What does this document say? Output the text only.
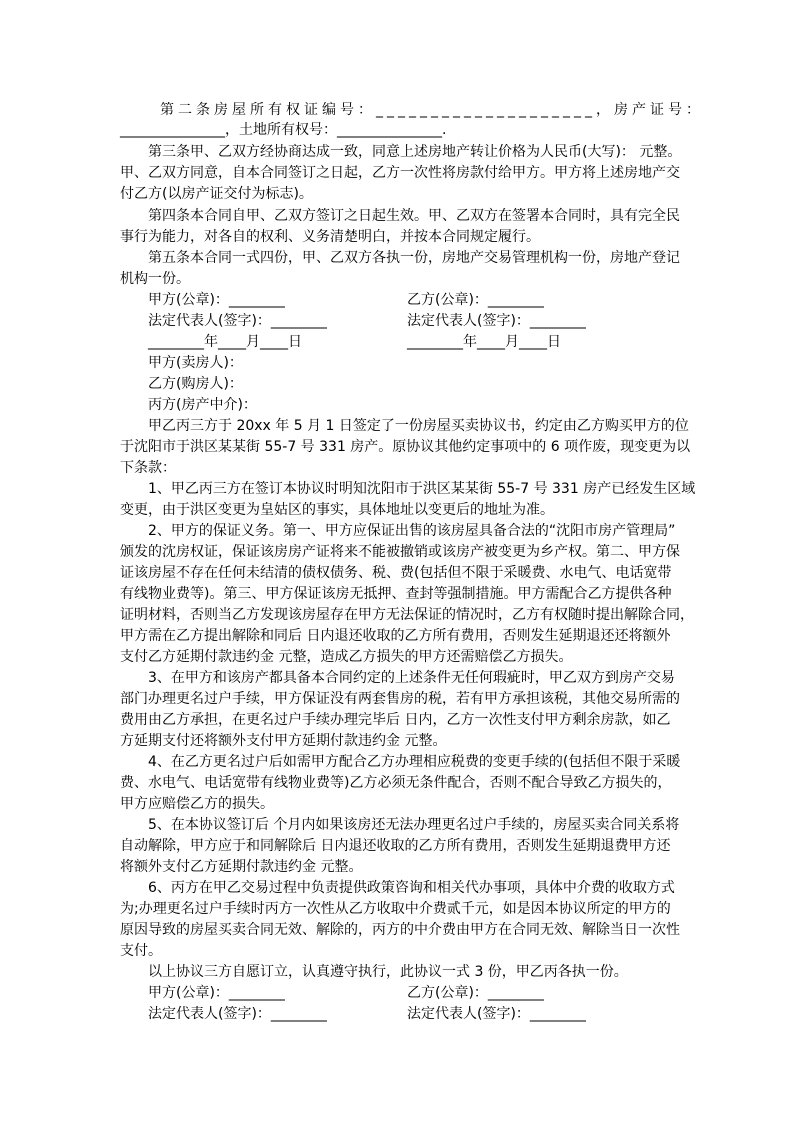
第二条房屋所有权证编号：____________________，房产证号：
_______________，土地所有权号：_______________.
第三条甲、乙双方经协商达成一致，同意上述房地产转让价格为人民币(大写)： 元整。
甲、乙双方同意，自本合同签订之日起，乙方一次性将房款付给甲方。甲方将上述房地产交
付乙方(以房产证交付为标志)。
第四条本合同自甲、乙双方签订之日起生效。甲、乙双方在签署本合同时，具有完全民
事行为能力，对各自的权利、义务清楚明白，并按本合同规定履行。
第五条本合同一式四份，甲、乙双方各执一份，房地产交易管理机构一份，房地产登记
机构一份。
甲方(公章)：________	乙方(公章)：________
法定代表人(签字)：________	法定代表人(签字)：________
________年____月____日	________年____月____日
甲方(卖房人)：
乙方(购房人)：
丙方(房产中介)：
甲乙丙三方于 20xx 年 5 月 1 日签定了一份房屋买卖协议书，约定由乙方购买甲方的位
于沈阳市于洪区某某街 55-7 号 331 房产。原协议其他约定事项中的 6 项作废，现变更为以
下条款：
1、甲乙丙三方在签订本协议时明知沈阳市于洪区某某街 55-7 号 331 房产已经发生区域
变更，由于洪区变更为皇姑区的事实，具体地址以变更后的地址为准。
2、甲方的保证义务。第一、甲方应保证出售的该房屋具备合法的“沈阳市房产管理局”
颁发的沈房权证，保证该房房产证将来不能被撤销或该房产被变更为乡产权。第二、甲方保
证该房屋不存在任何未结清的债权债务、税、费(包括但不限于采暖费、水电气、电话宽带
有线物业费等)。第三、甲方保证该房无抵押、查封等强制措施。甲方需配合乙方提供各种
证明材料，否则当乙方发现该房屋存在甲方无法保证的情况时，乙方有权随时提出解除合同，
甲方需在乙方提出解除和同后 日内退还收取的乙方所有费用，否则发生延期退还还将额外
支付乙方延期付款违约金 元整，造成乙方损失的甲方还需赔偿乙方损失。
3、在甲方和该房产都具备本合同约定的上述条件无任何瑕疵时，甲乙双方到房产交易
部门办理更名过户手续，甲方保证没有两套售房的税，若有甲方承担该税，其他交易所需的
费用由乙方承担，在更名过户手续办理完毕后 日内，乙方一次性支付甲方剩余房款，如乙
方延期支付还将额外支付甲方延期付款违约金 元整。
4、在乙方更名过户后如需甲方配合乙方办理相应税费的变更手续的(包括但不限于采暖
费、水电气、电话宽带有线物业费等)乙方必须无条件配合，否则不配合导致乙方损失的，
甲方应赔偿乙方的损失。
5、在本协议签订后 个月内如果该房还无法办理更名过户手续的，房屋买卖合同关系将
自动解除，甲方应于和同解除后 日内退还收取的乙方所有费用，否则发生延期退费甲方还
将额外支付乙方延期付款违约金 元整。
6、丙方在甲乙交易过程中负责提供政策咨询和相关代办事项，具体中介费的收取方式
为;办理更名过户手续时丙方一次性从乙方收取中介费贰千元，如是因本协议所定的甲方的
原因导致的房屋买卖合同无效、解除的，丙方的中介费由甲方在合同无效、解除当日一次性
支付。
以上协议三方自愿订立，认真遵守执行，此协议一式 3 份，甲乙丙各执一份。
甲方(公章)：________	乙方(公章)：________
法定代表人(签字)：________	法定代表人(签字)：________
